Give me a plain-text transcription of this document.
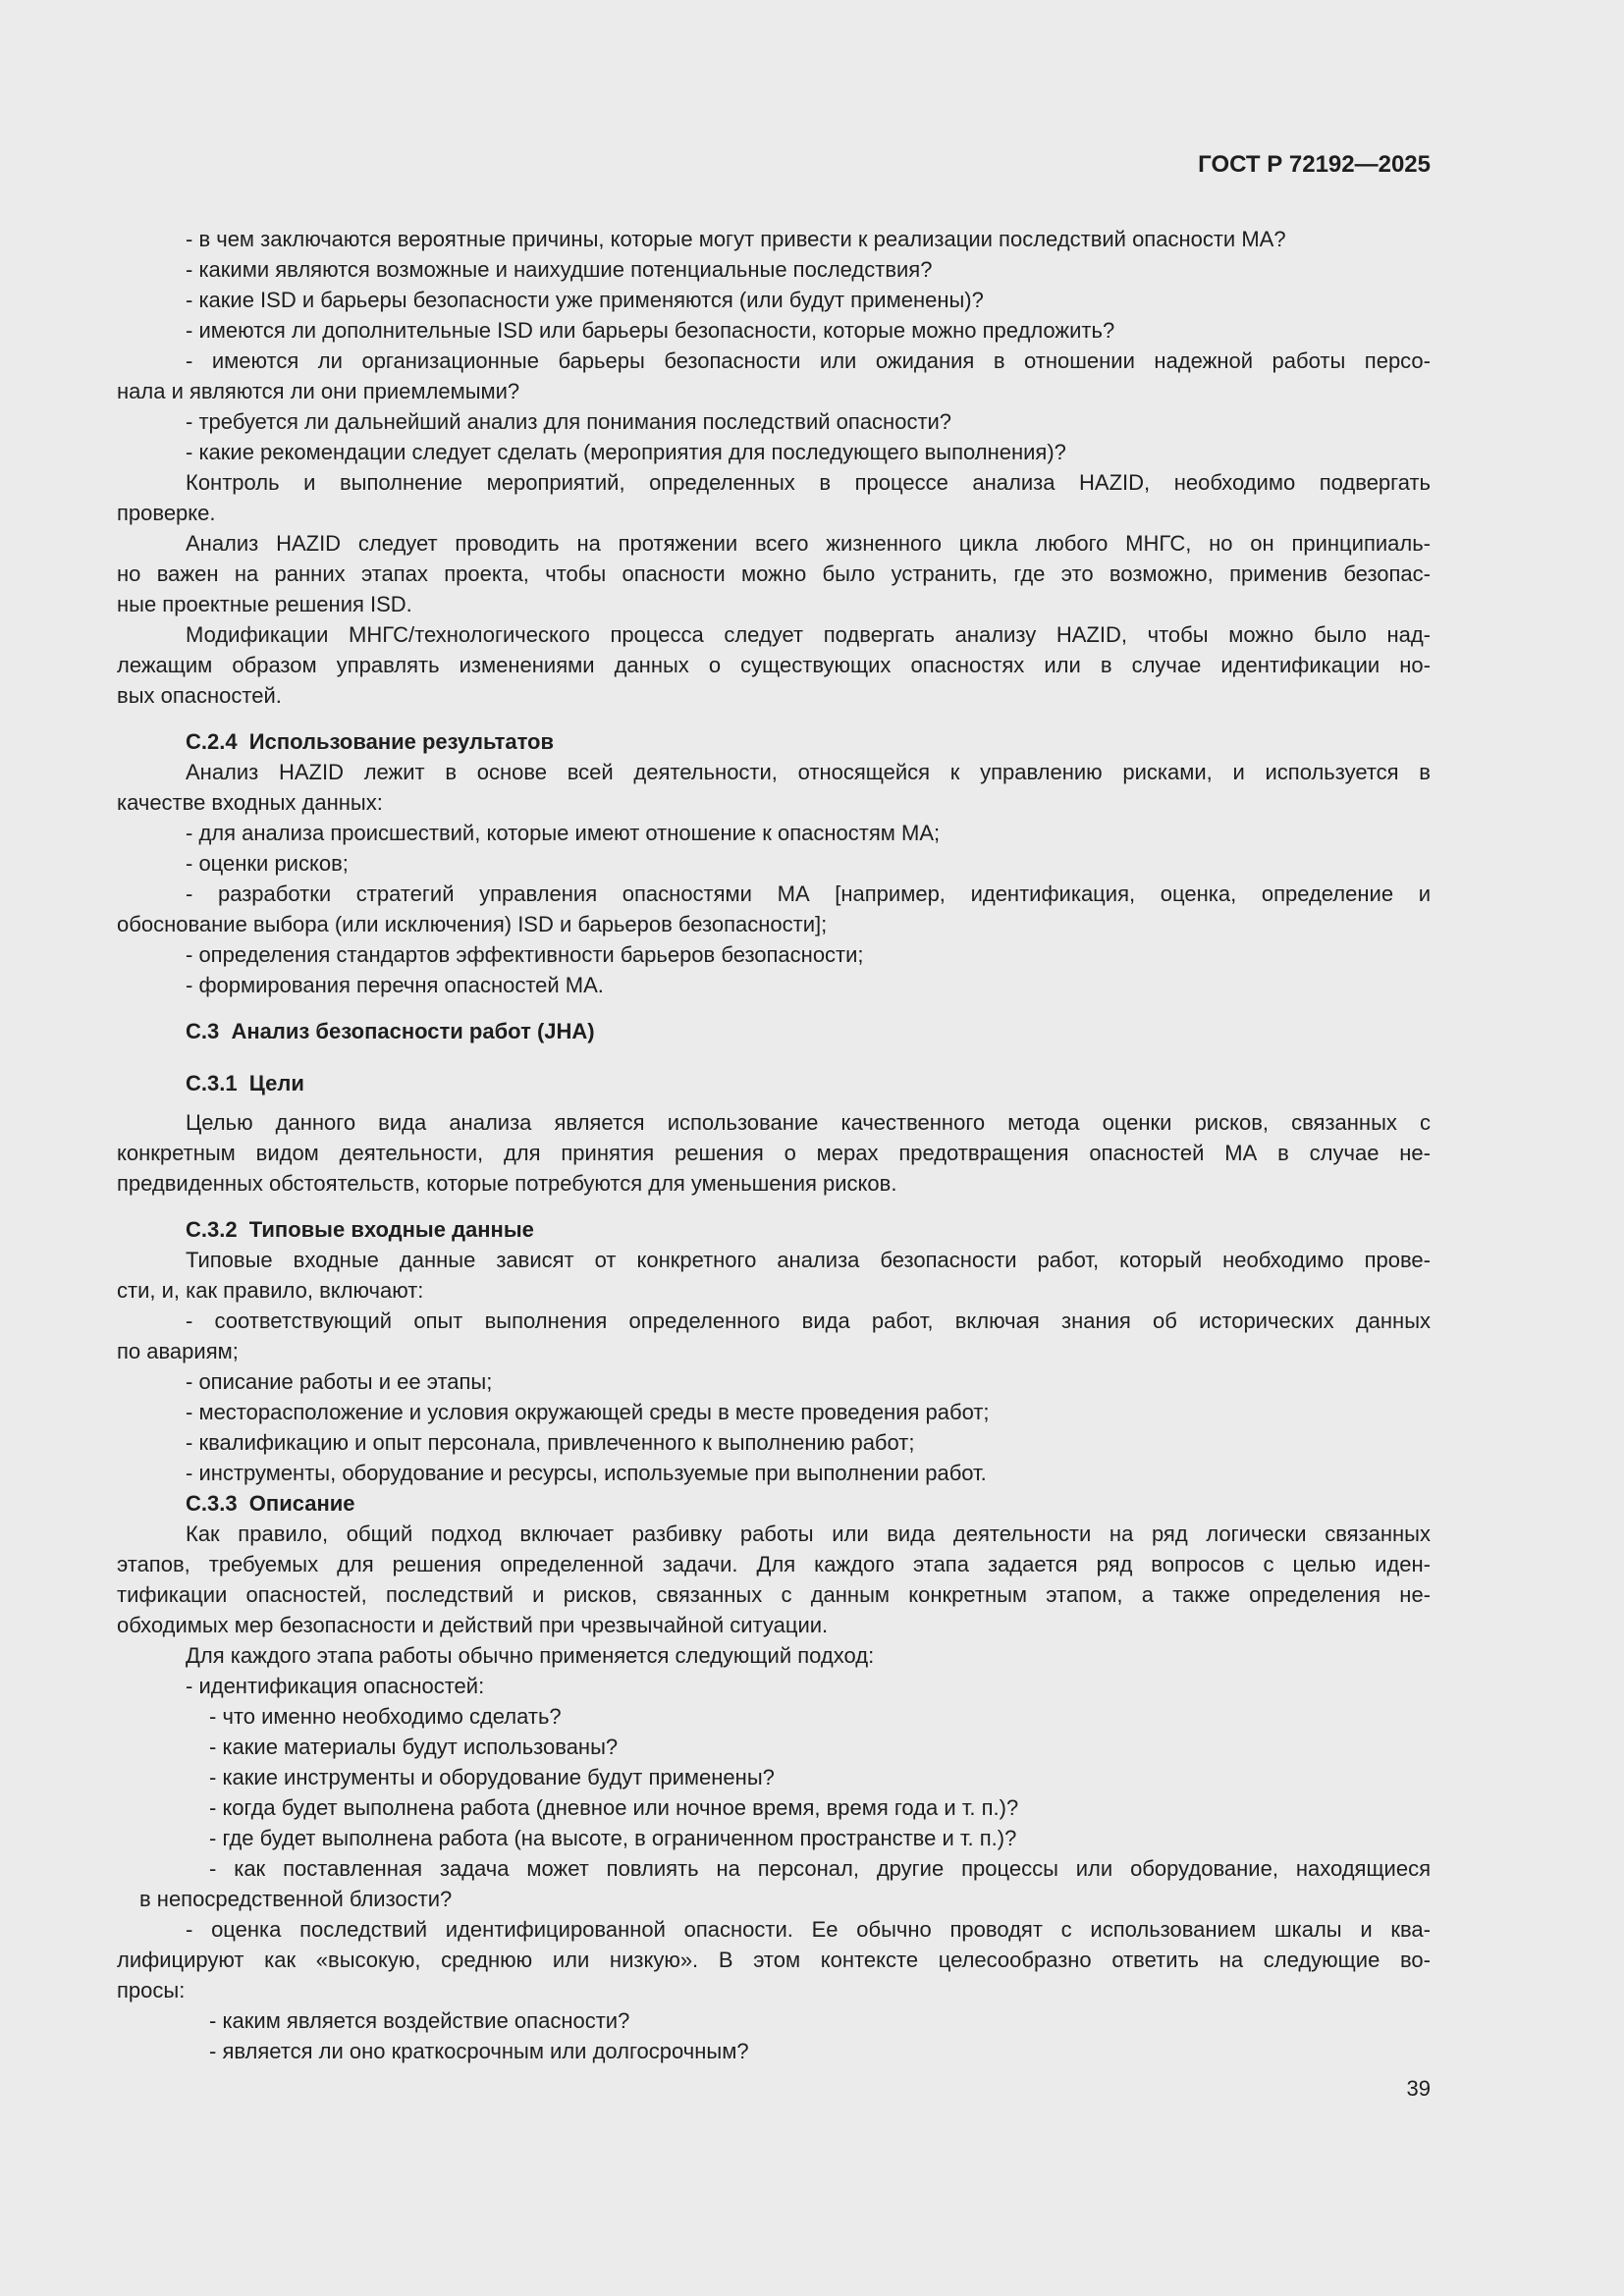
ГОСТ Р 72192—2025
- в чем заключаются вероятные причины, которые могут привести к реализации последствий опасности МА?
- какими являются возможные и наихудшие потенциальные последствия?
- какие ISD и барьеры безопасности уже применяются (или будут применены)?
- имеются ли дополнительные ISD или барьеры безопасности, которые можно предложить?
- имеются ли организационные барьеры безопасности или ожидания в отношении надежной работы персо-
нала и являются ли они приемлемыми?
- требуется ли дальнейший анализ для понимания последствий опасности?
- какие рекомендации следует сделать (мероприятия для последующего выполнения)?
Контроль и выполнение мероприятий, определенных в процессе анализа HAZID, необходимо подвергать
проверке.
Анализ HAZID следует проводить на протяжении всего жизненного цикла любого МНГС, но он принципиаль-
но важен на ранних этапах проекта, чтобы опасности можно было устранить, где это возможно, применив безопас-
ные проектные решения ISD.
Модификации МНГС/технологического процесса следует подвергать анализу HAZID, чтобы можно было над-
лежащим образом управлять изменениями данных о существующих опасностях или в случае идентификации но-
вых опасностей.
С.2.4  Использование результатов
Анализ HAZID лежит в основе всей деятельности, относящейся к управлению рисками, и используется в
качестве входных данных:
- для анализа происшествий, которые имеют отношение к опасностям МА;
- оценки рисков;
- разработки стратегий управления опасностями МА [например, идентификация, оценка, определение и
обоснование выбора (или исключения) ISD и барьеров безопасности];
- определения стандартов эффективности барьеров безопасности;
- формирования перечня опасностей МА.
С.3  Анализ безопасности работ (JHA)
С.3.1  Цели
Целью данного вида анализа является использование качественного метода оценки рисков, связанных с
конкретным видом деятельности, для принятия решения о мерах предотвращения опасностей МА в случае не-
предвиденных обстоятельств, которые потребуются для уменьшения рисков.
С.3.2  Типовые входные данные
Типовые входные данные зависят от конкретного анализа безопасности работ, который необходимо прове-
сти, и, как правило, включают:
- соответствующий опыт выполнения определенного вида работ, включая знания об исторических данных
по авариям;
- описание работы и ее этапы;
- месторасположение и условия окружающей среды в месте проведения работ;
- квалификацию и опыт персонала, привлеченного к выполнению работ;
- инструменты, оборудование и ресурсы, используемые при выполнении работ.
С.3.3  Описание
Как правило, общий подход включает разбивку работы или вида деятельности на ряд логически связанных
этапов, требуемых для решения определенной задачи. Для каждого этапа задается ряд вопросов с целью иден-
тификации опасностей, последствий и рисков, связанных с данным конкретным этапом, а также определения не-
обходимых мер безопасности и действий при чрезвычайной ситуации.
Для каждого этапа работы обычно применяется следующий подход:
- идентификация опасностей:
- что именно необходимо сделать?
- какие материалы будут использованы?
- какие инструменты и оборудование будут применены?
- когда будет выполнена работа (дневное или ночное время, время года и т. п.)?
- где будет выполнена работа (на высоте, в ограниченном пространстве и т. п.)?
- как поставленная задача может повлиять на персонал, другие процессы или оборудование, находящиеся
в непосредственной близости?
- оценка последствий идентифицированной опасности. Ее обычно проводят с использованием шкалы и ква-
лифицируют как «высокую, среднюю или низкую». В этом контексте целесообразно ответить на следующие во-
просы:
- каким является воздействие опасности?
- является ли оно краткосрочным или долгосрочным?
39
